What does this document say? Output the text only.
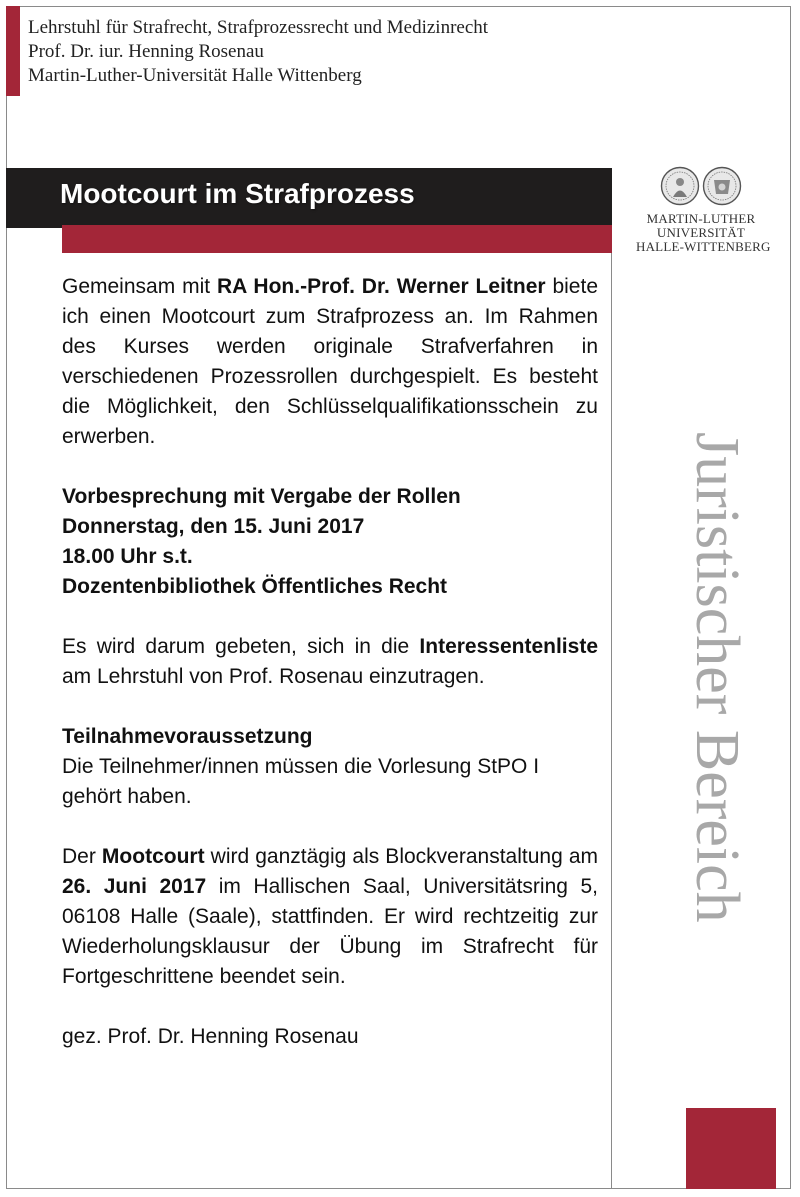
Lehrstuhl für Strafrecht, Strafprozessrecht und Medizinrecht
Prof. Dr. iur. Henning Rosenau
Martin-Luther-Universität Halle Wittenberg
Mootcourt im Strafprozess

Gemeinsam mit RA Hon.-Prof. Dr. Werner Leitner biete ich einen Mootcourt zum Strafprozess an. Im Rahmen des Kurses werden originale Strafverfahren in verschiedenen Prozessrollen durchgespielt. Es besteht die Möglichkeit, den Schlüsselqualifikationsschein zu erwerben.

Vorbesprechung mit Vergabe der Rollen
Donnerstag, den 15. Juni 2017
18.00 Uhr s.t.
Dozentenbibliothek Öffentliches Recht

Es wird darum gebeten, sich in die Interessentenliste am Lehrstuhl von Prof. Rosenau einzutragen.

Teilnahmevoraussetzung
Die Teilnehmer/innen müssen die Vorlesung StPO I gehört haben.

Der Mootcourt wird ganztägig als Blockveranstaltung am 26. Juni 2017 im Hallischen Saal, Universitätsring 5, 06108 Halle (Saale), stattfinden. Er wird rechtzeitig zur Wiederholungsklausur der Übung im Strafrecht für Fortgeschrittene beendet sein.

gez. Prof. Dr. Henning Rosenau

MARTIN-LUTHER
UNIVERSITÄT
HALLE-WITTENBERG
Juristischer Bereich
